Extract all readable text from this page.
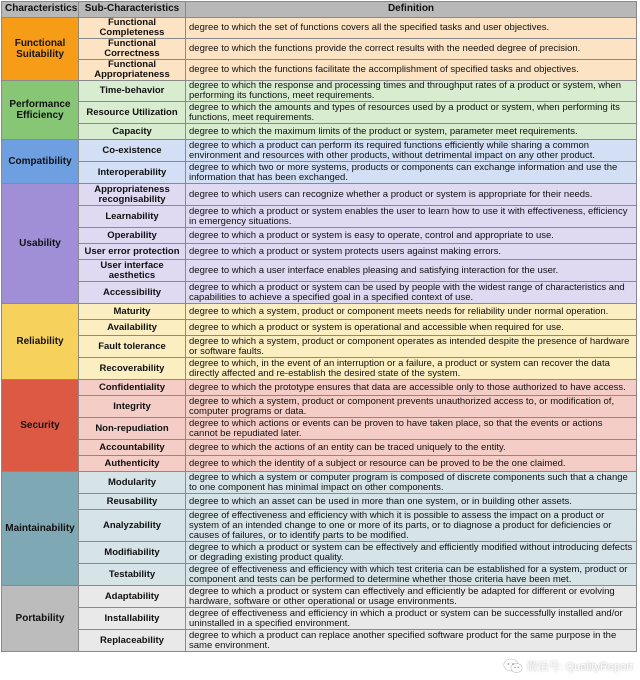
Characteristics	Sub-Characteristics	Definition
Functional Suitability	Functional Completeness	degree to which the set of functions covers all the specified tasks and user objectives.
	Functional Correctness	degree to which the functions provide the correct results with the needed degree of precision.
	Functional Appropriateness	degree to which the functions facilitate the accomplishment of specified tasks and objectives.
Performance Efficiency	Time-behavior	degree to which the response and processing times and throughput rates of a product or system, when performing its functions, meet requirements.
	Resource Utilization	degree to which the amounts and types of resources used by a product or system, when performing its functions, meet requirements.
	Capacity	degree to which the maximum limits of the product or system, parameter meet requirements.
Compatibility	Co-existence	degree to which a product can perform its required functions efficiently while sharing a common environment and resources with other products, without detrimental impact on any other product.
	Interoperability	degree to which two or more systems, products or components can exchange information and use the information that has been exchanged.
Usability	Appropriateness recognisability	degree to which users can recognize whether a product or system is appropriate for their needs.
	Learnability	degree to which a product or system enables the user to learn how to use it with effectiveness, efficiency in emergency situations.
	Operability	degree to which a product or system is easy to operate, control and appropriate to use.
	User error protection	degree to which a product or system protects users against making errors.
	User interface aesthetics	degree to which a user interface enables pleasing and satisfying interaction for the user.
	Accessibility	degree to which a product or system can be used by people with the widest range of characteristics and capabilities to achieve a specified goal in a specified context of use.
Reliability	Maturity	degree to which a system, product or component meets needs for reliability under normal operation.
	Availability	degree to which a product or system is operational and accessible when required for use.
	Fault tolerance	degree to which a system, product or component operates as intended despite the presence of hardware or software faults.
	Recoverability	degree to which, in the event of an interruption or a failure, a product or system can recover the data directly affected and re-establish the desired state of the system.
Security	Confidentiality	degree to which the prototype ensures that data are accessible only to those authorized to have access.
	Integrity	degree to which a system, product or component prevents unauthorized access to, or modification of, computer programs or data.
	Non-repudiation	degree to which actions or events can be proven to have taken place, so that the events or actions cannot be repudiated later.
	Accountability	degree to which the actions of an entity can be traced uniquely to the entity.
	Authenticity	degree to which the identity of a subject or resource can be proved to be the one claimed.
Maintainability	Modularity	degree to which a system or computer program is composed of discrete components such that a change to one component has minimal impact on other components.
	Reusability	degree to which an asset can be used in more than one system, or in building other assets.
	Analyzability	degree of effectiveness and efficiency with which it is possible to assess the impact on a product or system of an intended change to one or more of its parts, or to diagnose a product for deficiencies or causes of failures, or to identify parts to be modified.
	Modifiability	degree to which a product or system can be effectively and efficiently modified without introducing defects or degrading existing product quality.
	Testability	degree of effectiveness and efficiency with which test criteria can be established for a system, product or component and tests can be performed to determine whether those criteria have been met.
Portability	Adaptability	degree to which a product or system can effectively and efficiently be adapted for different or evolving hardware, software or other operational or usage environments.
	Installability	degree of effectiveness and efficiency in which a product or system can be successfully installed and/or uninstalled in a specified environment.
	Replaceability	degree to which a product can replace another specified software product for the same purpose in the same environment.
微信号: QualityReport
